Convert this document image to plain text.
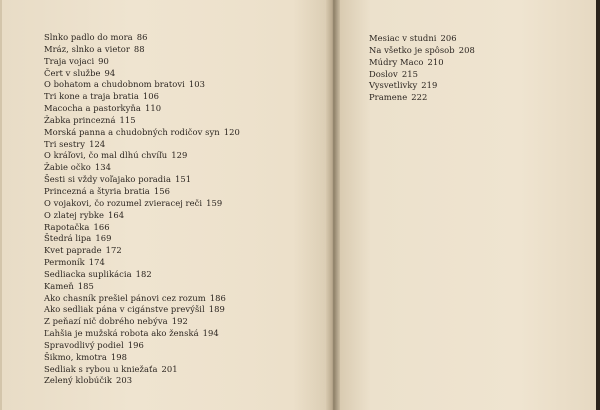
Slnko padlo do mora 86
Mráz, slnko a vietor 88
Traja vojaci 90
Čert v službe 94
O bohatom a chudobnom bratovi 103
Tri kone a traja bratia 106
Macocha a pastorkyňa 110
Žabka princezná 115
Morská panna a chudobných rodičov syn 120
Tri sestry 124
O kráľovi, čo mal dlhú chvíľu 129
Žabie očko 134
Šesti si vždy voľajako poradia 151
Princezná a štyria bratia 156
O vojakovi, čo rozumel zvieracej reči 159
O zlatej rybke 164
Rapotačka 166
Štedrá lipa 169
Kvet paprade 172
Permoník 174
Sedliacka suplikácia 182
Kameň 185
Ako chasník prešiel pánovi cez rozum 186
Ako sedliak pána v cigánstve prevýšil 189
Z peňazí nič dobrého nebýva 192
Ľahšia je mužská robota ako ženská 194
Spravodlivý podiel 196
Šikmo, kmotra 198
Sedliak s rybou u kniežaťa 201
Zelený klobúčik 203
Mesiac v studni 206
Na všetko je spôsob 208
Múdry Maco 210
Doslov 215
Vysvetlivky 219
Pramene 222
